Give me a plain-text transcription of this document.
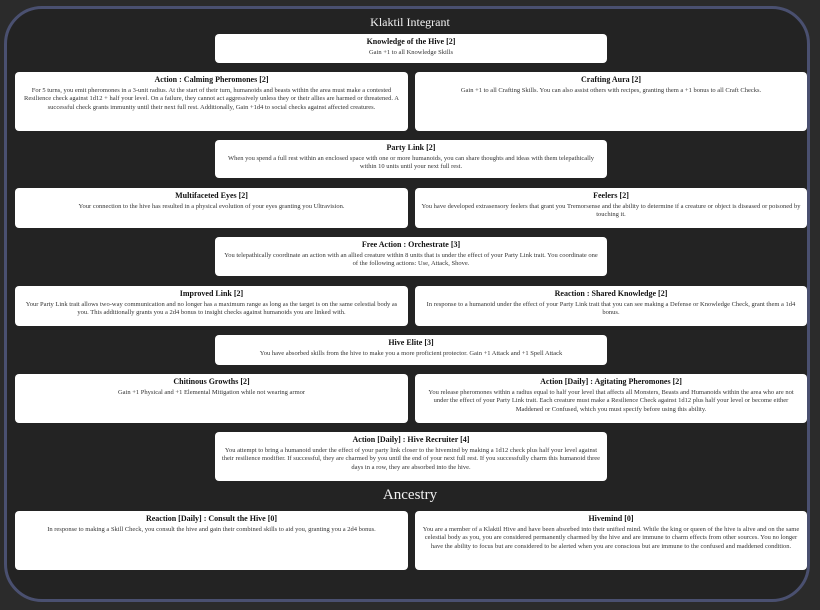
Klaktil Integrant
Knowledge of the Hive [2]
Gain +1 to all Knowledge Skills
Action : Calming Pheromones [2]
For 5 turns, you emit pheromones in a 3-unit radius. At the start of their turn, humanoids and beasts within the area must make a contested Resilience check against 1d12 + half your level. On a failure, they cannot act aggressively unless they or their allies are harmed or threatened. A successful check grants immunity until their next full rest. Additionally, Gain +1d4 to social checks against affected creatures.
Crafting Aura [2]
Gain +1 to all Crafting Skills. You can also assist others with recipes, granting them a +1 bonus to all Craft Checks.
Party Link [2]
When you spend a full rest within an enclosed space with one or more humanoids, you can share thoughts and ideas with them telepathically within 10 units until your next full rest.
Multifaceted Eyes [2]
Your connection to the hive has resulted in a physical evolution of your eyes granting you Ultravision.
Feelers [2]
You have developed extrasensory feelers that grant you Tremorsense and the ability to determine if a creature or object is diseased or poisoned by touching it.
Free Action : Orchestrate [3]
You telepathically coordinate an action with an allied creature within 8 units that is under the effect of your Party Link trait. You coordinate one of the following actions: Use, Attack, Shove.
Improved Link [2]
Your Party Link trait allows two-way communication and no longer has a maximum range as long as the target is on the same celestial body as you. This additionally grants you a 2d4 bonus to insight checks against humanoids you are linked with.
Reaction : Shared Knowledge [2]
In response to a humanoid under the effect of your Party Link trait that you can see making a Defense or Knowledge Check, grant them a 1d4 bonus.
Hive Elite [3]
You have absorbed skills from the hive to make you a more proficient protector. Gain +1 Attack and +1 Spell Attack
Chitinous Growths [2]
Gain +1 Physical and +1 Elemental Mitigation while not wearing armor
Action [Daily] : Agitating Pheromones [2]
You release pheromones within a radius equal to half your level that affects all Monsters, Beasts and Humanoids within the area who are not under the effect of your Party Link trait. Each creature must make a Resilience Check against 1d12 plus half your level or become either Maddened or Confused, which you must specify before using this ability.
Action [Daily] : Hive Recruiter [4]
You attempt to bring a humanoid under the effect of your party link closer to the hivemind by making a 1d12 check plus half your level against their resilience modifier. If successful, they are charmed by you until the end of your next full rest. If you successfully charm this humanoid three days in a row, they are absorbed into the hive.
Ancestry
Reaction [Daily] : Consult the Hive [0]
In response to making a Skill Check, you consult the hive and gain their combined skills to aid you, granting you a 2d4 bonus.
Hivemind [0]
You are a member of a Klaktil Hive and have been absorbed into their unified mind. While the king or queen of the hive is alive and on the same celestial body as you, you are considered permanently charmed by the hive and are immune to charm effects from other sources. You no longer have the ability to focus but are considered to be alerted when you are conscious but are immune to the confused and maddened condition.
